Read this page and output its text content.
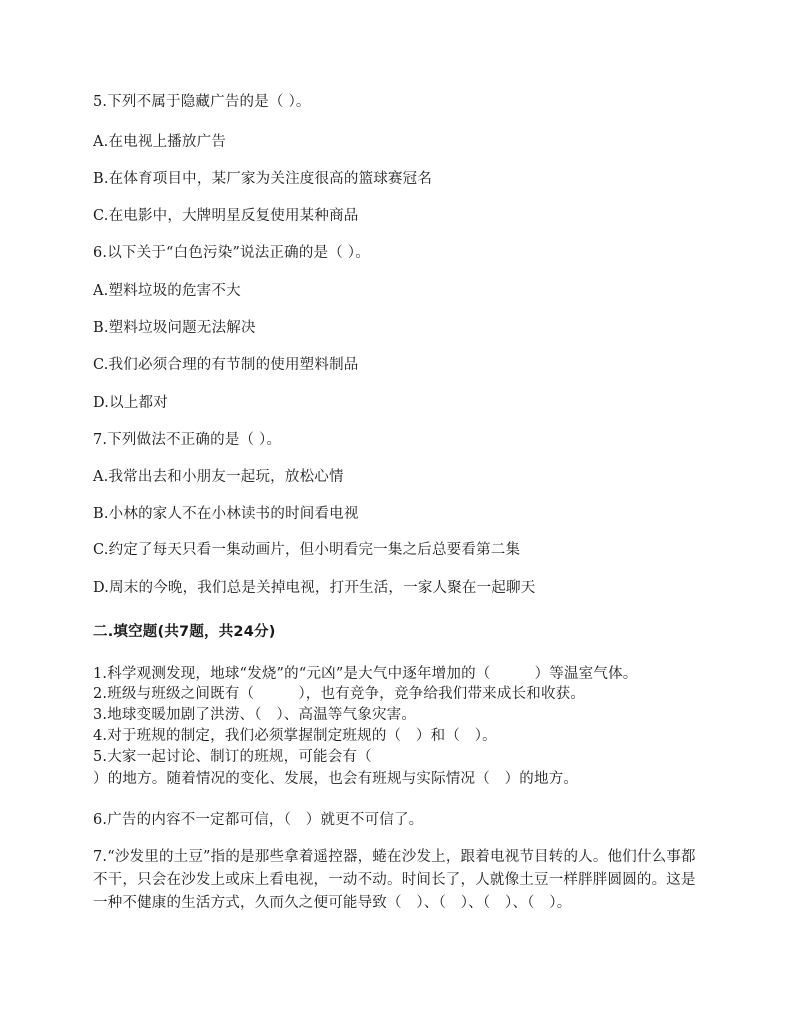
5.下列不属于隐藏广告的是（ ）。
A.在电视上播放广告
B.在体育项目中，某厂家为关注度很高的篮球赛冠名
C.在电影中，大牌明星反复使用某种商品
6.以下关于“白色污染”说法正确的是（ ）。
A.塑料垃圾的危害不大
B.塑料垃圾问题无法解决
C.我们必须合理的有节制的使用塑料制品
D.以上都对
7.下列做法不正确的是（ ）。
A.我常出去和小朋友一起玩，放松心情
B.小林的家人不在小林读书的时间看电视
C.约定了每天只看一集动画片，但小明看完一集之后总要看第二集
D.周末的今晚，我们总是关掉电视，打开生活，一家人聚在一起聊天
二.填空题(共7题，共24分)
1.科学观测发现，地球“发烧”的“元凶”是大气中逐年增加的（　　　）等温室气体。
2.班级与班级之间既有（　　　），也有竞争，竞争给我们带来成长和收获。
3.地球变暖加剧了洪涝、（　）、高温等气象灾害。
4.对于班规的制定，我们必须掌握制定班规的（　）和（　）。
5.大家一起讨论、制订的班规，可能会有（
）的地方。随着情况的变化、发展，也会有班规与实际情况（　）的地方。
6.广告的内容不一定都可信，（　）就更不可信了。
7.“沙发里的土豆”指的是那些拿着遥控器，蜷在沙发上，跟着电视节目转的人。他们什么事都不干，只会在沙发上或床上看电视，一动不动。时间长了，人就像土豆一样胖胖圆圆的。这是一种不健康的生活方式，久而久之便可能导致（　）、（　）、（　）、（　）。
